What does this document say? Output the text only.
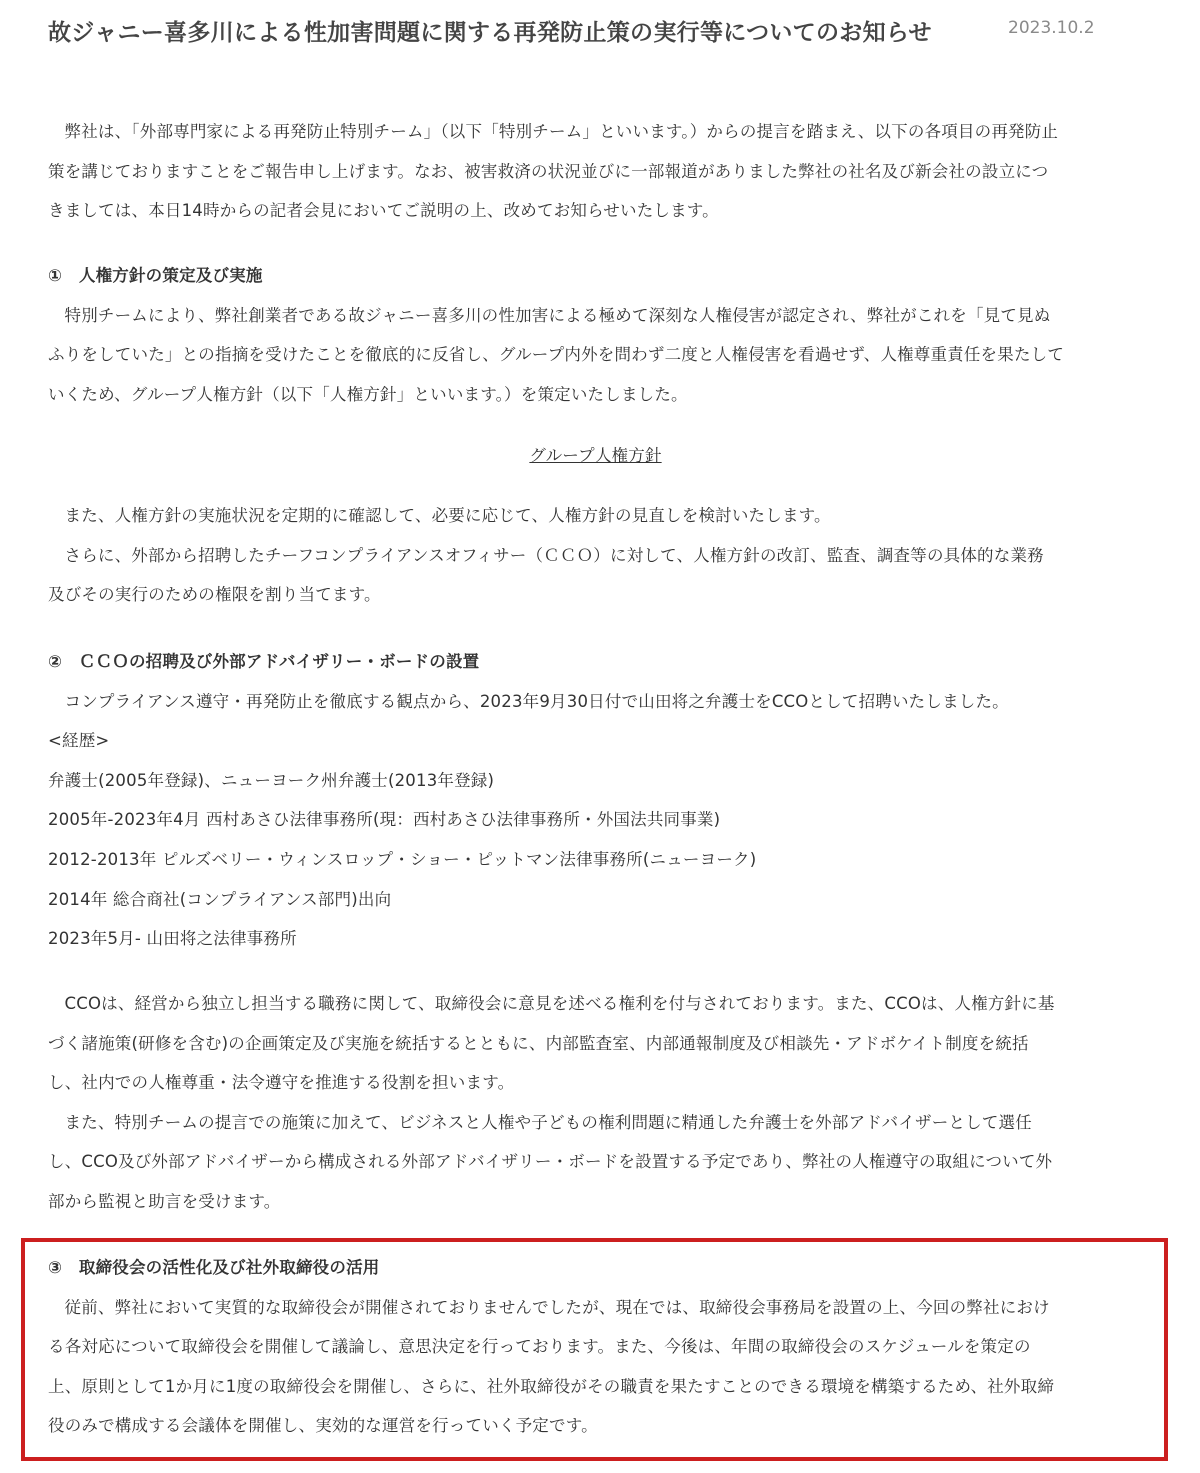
故ジャニー喜多川による性加害問題に関する再発防止策の実行等についてのお知らせ	2023.10.2

弊社は、「外部専門家による再発防止特別チーム」（以下「特別チーム」といいます。）からの提言を踏まえ、以下の各項目の再発防止
策を講じておりますことをご報告申し上げます。なお、被害救済の状況並びに一部報道がありました弊社の社名及び新会社の設立につ
きましては、本日14時からの記者会見においてご説明の上、改めてお知らせいたします。

①　人権方針の策定及び実施

特別チームにより、弊社創業者である故ジャニー喜多川の性加害による極めて深刻な人権侵害が認定され、弊社がこれを「見て見ぬ
ふりをしていた」との指摘を受けたことを徹底的に反省し、グループ内外を問わず二度と人権侵害を看過せず、人権尊重責任を果たして
いくため、グループ人権方針（以下「人権方針」といいます。）を策定いたしました。

グループ人権方針

また、人権方針の実施状況を定期的に確認して、必要に応じて、人権方針の見直しを検討いたします。

さらに、外部から招聘したチーフコンプライアンスオフィサー（ＣＣＯ）に対して、人権方針の改訂、監査、調査等の具体的な業務
及びその実行のための権限を割り当てます。

②　ＣＣＯの招聘及び外部アドバイザリー・ボードの設置

コンプライアンス遵守・再発防止を徹底する観点から、2023年9月30日付で山田将之弁護士をCCOとして招聘いたしました。

<経歴>

弁護士(2005年登録)、ニューヨーク州弁護士(2013年登録)

2005年-2023年4月 西村あさひ法律事務所(現：西村あさひ法律事務所・外国法共同事業)

2012-2013年 ピルズベリー・ウィンスロップ・ショー・ピットマン法律事務所(ニューヨーク)

2014年 総合商社(コンプライアンス部門)出向

2023年5月- 山田将之法律事務所

CCOは、経営から独立し担当する職務に関して、取締役会に意見を述べる権利を付与されております。また、CCOは、人権方針に基
づく諸施策(研修を含む)の企画策定及び実施を統括するとともに、内部監査室、内部通報制度及び相談先・アドボケイト制度を統括
し、社内での人権尊重・法令遵守を推進する役割を担います。

また、特別チームの提言での施策に加えて、ビジネスと人権や子どもの権利問題に精通した弁護士を外部アドバイザーとして選任
し、CCO及び外部アドバイザーから構成される外部アドバイザリー・ボードを設置する予定であり、弊社の人権遵守の取組について外
部から監視と助言を受けます。

③　取締役会の活性化及び社外取締役の活用

従前、弊社において実質的な取締役会が開催されておりませんでしたが、現在では、取締役会事務局を設置の上、今回の弊社におけ
る各対応について取締役会を開催して議論し、意思決定を行っております。また、今後は、年間の取締役会のスケジュールを策定の
上、原則として1か月に1度の取締役会を開催し、さらに、社外取締役がその職責を果たすことのできる環境を構築するため、社外取締
役のみで構成する会議体を開催し、実効的な運営を行っていく予定です。
